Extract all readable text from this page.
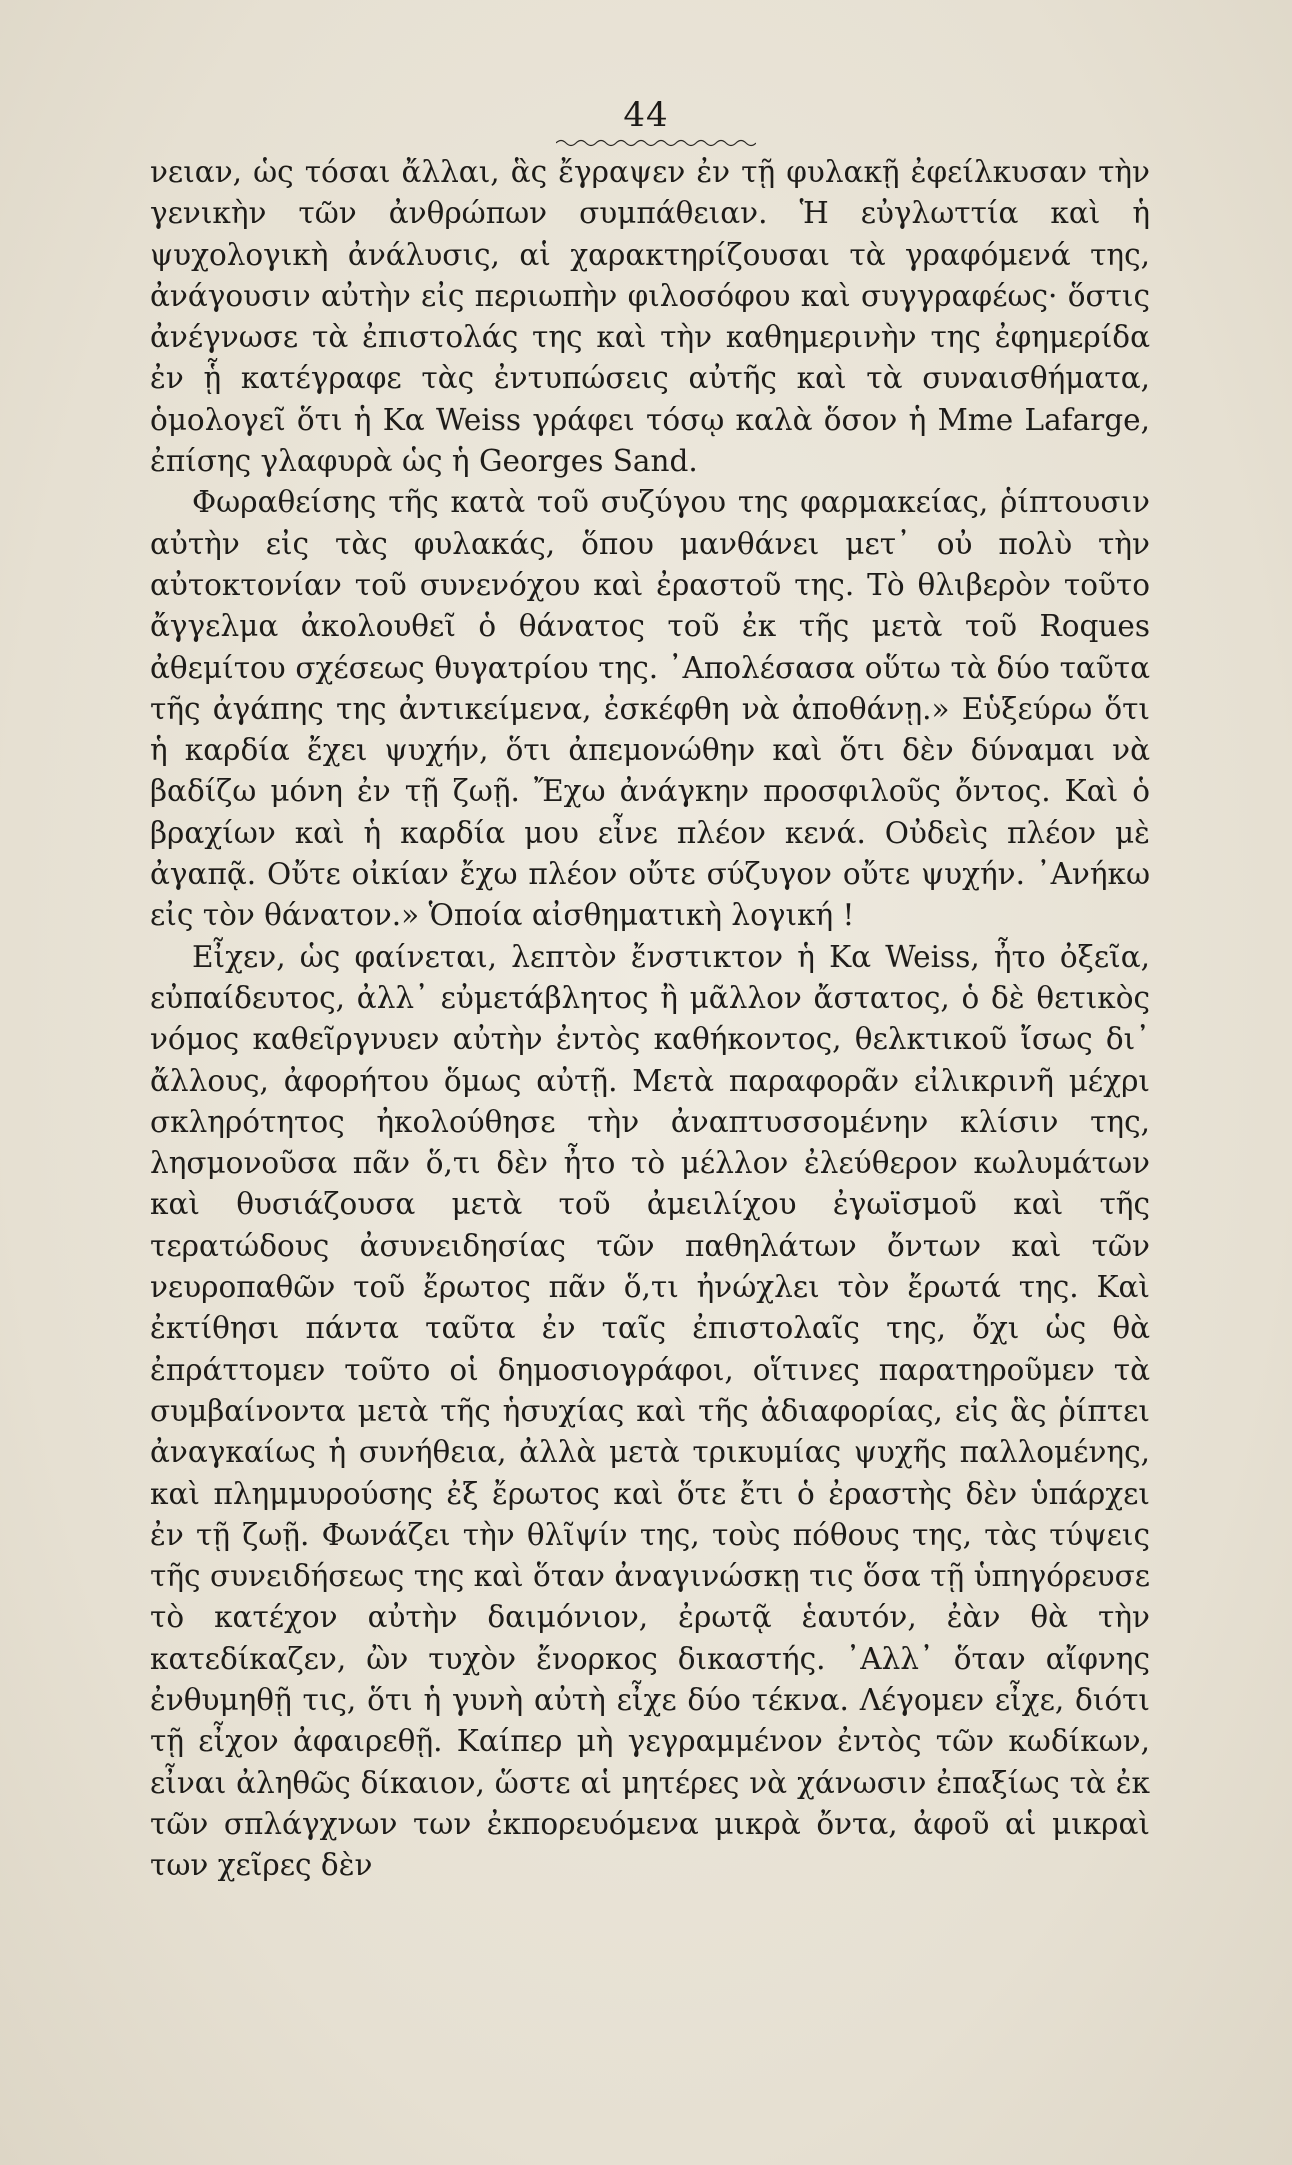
44

νειαν, ὡς τόσαι ἄλλαι, ἃς ἔγραψεν ἐν τῇ φυλακῇ ἐφείλκυσαν τὴν γενικὴν τῶν ἀνθρώπων συμπάθειαν. Ἡ εὐγλωττία καὶ ἡ ψυχολογικὴ ἀνάλυσις, αἱ χαρακτηρίζουσαι τὰ γραφόμενά της, ἀνάγουσιν αὐτὴν εἰς περιωπὴν φιλοσόφου καὶ συγγραφέως· ὅστις ἀνέγνωσε τὰ ἐπιστολάς της καὶ τὴν καθημερινὴν της ἐφημερίδα ἐν ᾗ κατέγραφε τὰς ἐντυπώσεις αὐτῆς καὶ τὰ συναισθήματα, ὁμολογεῖ ὅτι ἡ Κα Weiss γράφει τόσῳ καλὰ ὅσον ἡ Mme Lafarge, ἐπίσης γλαφυρὰ ὡς ἡ Georges Sand.

Φωραθείσης τῆς κατὰ τοῦ συζύγου της φαρμακείας, ῥίπτουσιν αὐτὴν εἰς τὰς φυλακάς, ὅπου μανθάνει μετ᾽ οὐ πολὺ τὴν αὐτοκτονίαν τοῦ συνενόχου καὶ ἐραστοῦ της. Τὸ θλιβερὸν τοῦτο ἄγγελμα ἀκολουθεῖ ὁ θάνατος τοῦ ἐκ τῆς μετὰ τοῦ Roques ἀθεμίτου σχέσεως θυγατρίου της. ᾿Απολέσασα οὕτω τὰ δύο ταῦτα τῆς ἀγάπης της ἀντικείμενα, ἐσκέφθη νὰ ἀποθάνῃ.» Εὑξεύρω ὅτι ἡ καρδία ἔχει ψυχήν, ὅτι ἀπεμονώθην καὶ ὅτι δὲν δύναμαι νὰ βαδίζω μόνη ἐν τῇ ζωῇ. Ἔχω ἀνάγκην προσφιλοῦς ὄντος. Καὶ ὁ βραχίων καὶ ἡ καρδία μου εἶνε πλέον κενά. Οὐδεὶς πλέον μὲ ἀγαπᾷ. Οὔτε οἰκίαν ἔχω πλέον οὔτε σύζυγον οὔτε ψυχήν. ᾿Ανήκω εἰς τὸν θάνατον.» Ὁποία αἰσθηματικὴ λογική !

Εἶχεν, ὡς φαίνεται, λεπτὸν ἔνστικτον ἡ Κα Weiss, ἦτο ὀξεῖα, εὐπαίδευτος, ἀλλ᾽ εὐμετάβλητος ἢ μᾶλλον ἄστατος, ὁ δὲ θετικὸς νόμος καθεῖργνυεν αὐτὴν ἐντὸς καθήκοντος, θελκτικοῦ ἴσως δι᾽ ἄλλους, ἀφορήτου ὅμως αὐτῇ. Μετὰ παραφορᾶν εἰλικρινῆ μέχρι σκληρότητος ἠκολούθησε τὴν ἀναπτυσσομένην κλίσιν της, λησμονοῦσα πᾶν ὅ,τι δὲν ἦτο τὸ μέλλον ἐλεύθερον κωλυμάτων καὶ θυσιάζουσα μετὰ τοῦ ἀμειλίχου ἐγωϊσμοῦ καὶ τῆς τερατώδους ἀσυνειδησίας τῶν παθηλάτων ὄντων καὶ τῶν νευροπαθῶν τοῦ ἔρωτος πᾶν ὅ,τι ἠνώχλει τὸν ἔρωτά της. Καὶ ἐκτίθησι πάντα ταῦτα ἐν ταῖς ἐπιστολαῖς της, ὄχι ὡς θὰ ἐπράττομεν τοῦτο οἱ δημοσιογράφοι, οἵτινες παρατηροῦμεν τὰ συμβαίνοντα μετὰ τῆς ἡσυχίας καὶ τῆς ἀδιαφορίας, εἰς ἃς ῥίπτει ἀναγκαίως ἡ συνήθεια, ἀλλὰ μετὰ τρικυμίας ψυχῆς παλλομένης, καὶ πλημμυρούσης ἐξ ἔρωτος καὶ ὅτε ἔτι ὁ ἐραστὴς δὲν ὑπάρχει ἐν τῇ ζωῇ. Φωνάζει τὴν θλῖψίν της, τοὺς πόθους της, τὰς τύψεις τῆς συνειδήσεως της καὶ ὅταν ἀναγινώσκῃ τις ὅσα τῇ ὑπηγόρευσε τὸ κατέχον αὐτὴν δαιμόνιον, ἐρωτᾷ ἑαυτόν, ἐὰν θὰ τὴν κατεδίκαζεν, ὢν τυχὸν ἔνορκος δικαστής. ᾿Αλλ᾽ ὅταν αἴφνης ἐνθυμηθῇ τις, ὅτι ἡ γυνὴ αὐτὴ εἶχε δύο τέκνα. Λέγομεν εἶχε, διότι τῇ εἶχον ἀφαιρεθῇ. Καίπερ μὴ γεγραμμένον ἐντὸς τῶν κωδίκων, εἶναι ἀληθῶς δίκαιον, ὥστε αἱ μητέρες νὰ χάνωσιν ἐπαξίως τὰ ἐκ τῶν σπλάγχνων των ἐκπορευόμενα μικρὰ ὄντα, ἀφοῦ αἱ μικραὶ των χεῖρες δὲν
